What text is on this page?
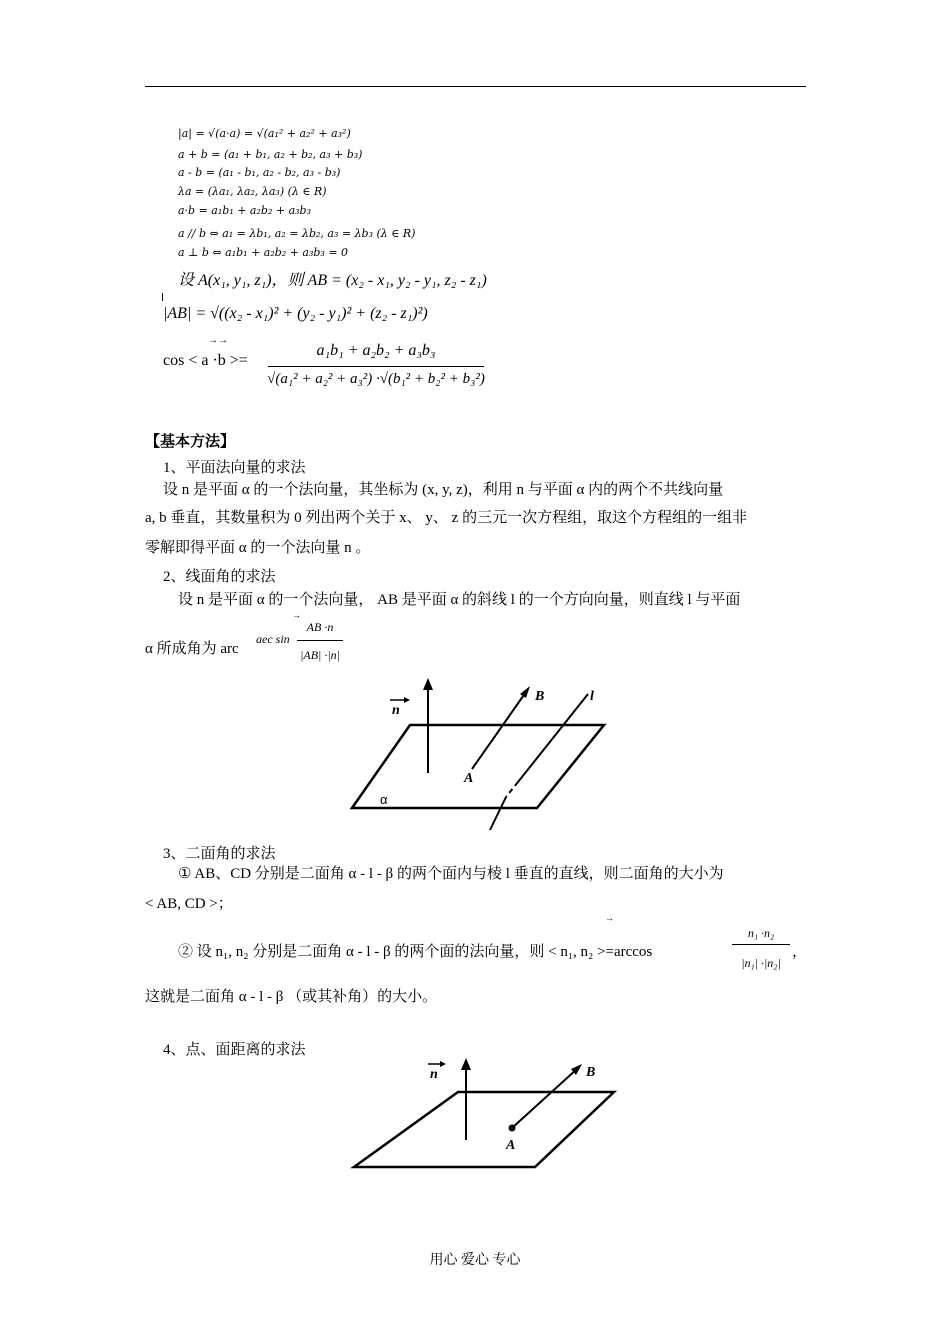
|a| = √(a·a) = √(a₁² + a₂² + a₃²)
a + b = (a₁ + b₁, a₂ + b₂, a₃ + b₃)
a - b = (a₁ - b₁, a₂ - b₂, a₃ - b₃)
λa = (λa₁, λa₂, λa₃) (λ ∈ R)
a·b = a₁b₁ + a₂b₂ + a₃b₃
a // b ⇔ a₁ = λb₁, a₂ = λb₂, a₃ = λb₃ (λ ∈ R)
a ⊥ b ⇔ a₁b₁ + a₂b₂ + a₃b₃ = 0
设 A(x₁, y₁, z₁)，则 AB = (x₂ - x₁, y₂ - y₁, z₂ - z₁)
|AB| = √((x₂ - x₁)² + (y₂ - y₁)² + (z₂ - z₁)²)
cos < a ·b >=
→→
a₁b₁ + a₂b₂ + a₃b₃
√(a₁² + a₂² + a₃²) ·√(b₁² + b₂² + b₃²)
【基本方法】
1、平面法向量的求法
设 n 是平面 α 的一个法向量，其坐标为 (x, y, z)，利用 n 与平面 α 内的两个不共线向量
a, b 垂直，其数量积为 0 列出两个关于 x、 y、 z 的三元一次方程组，取这个方程组的一组非
零解即得平面 α 的一个法向量 n 。
2、线面角的求法
设 n 是平面 α 的一个法向量， AB 是平面 α 的斜线 l 的一个方向向量，则直线 l 与平面
α 所成角为 arc
aec sin
→
AB ·n
|AB| ·|n|
n
B	l
A
α
3、二面角的求法
① AB、CD 分别是二面角 α - l - β 的两个面内与棱 l 垂直的直线，则二面角的大小为
< AB, CD >；
② 设 n₁, n₂ 分别是二面角 α - l - β 的两个面的法向量，则 < n₁, n₂ >=arccos
→
n₁ ·n₂
|n₁| ·|n₂|
，
这就是二面角 α - l - β （或其补角）的大小。
4、点、面距离的求法
n	B
A
用心 爱心 专心
